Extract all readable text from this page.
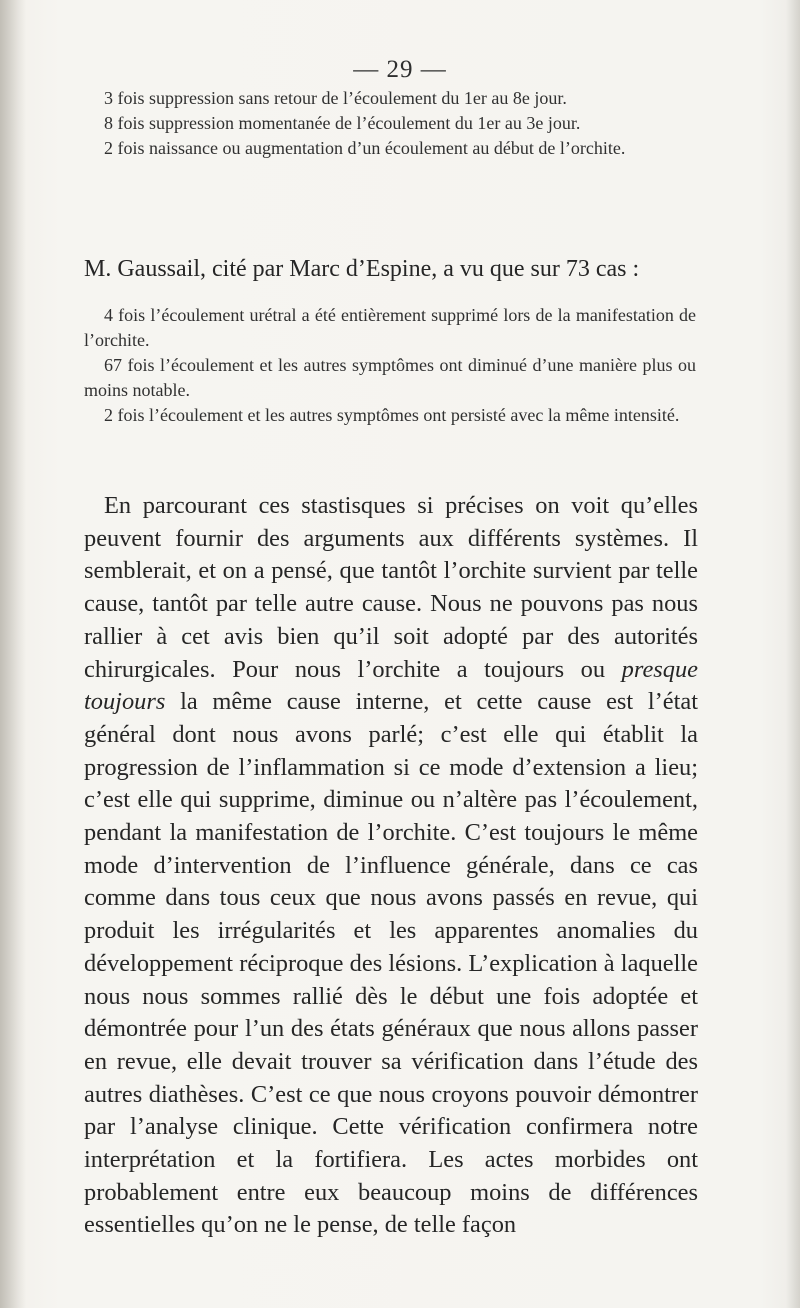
— 29 —

3 fois suppression sans retour de l’écoulement du 1er au 8e jour.

8 fois suppression momentanée de l’écoulement du 1er au 3e jour.

2 fois naissance ou augmentation d’un écoulement au début de l’orchite.

M. Gaussail, cité par Marc d’Espine, a vu que sur 73 cas :

4 fois l’écoulement urétral a été entièrement supprimé lors de la manifestation de l’orchite.

67 fois l’écoulement et les autres symptômes ont diminué d’une manière plus ou moins notable.

2 fois l’écoulement et les autres symptômes ont persisté avec la même intensité.

En parcourant ces stastisques si précises on voit qu’elles peuvent fournir des arguments aux différents systèmes. Il semblerait, et on a pensé, que tantôt l’orchite survient par telle cause, tantôt par telle autre cause. Nous ne pouvons pas nous rallier à cet avis bien qu’il soit adopté par des autorités chirurgicales. Pour nous l’orchite a toujours ou presque toujours la même cause interne, et cette cause est l’état général dont nous avons parlé; c’est elle qui établit la progression de l’inflammation si ce mode d’extension a lieu; c’est elle qui supprime, diminue ou n’altère pas l’écoulement, pendant la manifestation de l’orchite. C’est toujours le même mode d’intervention de l’influence générale, dans ce cas comme dans tous ceux que nous avons passés en revue, qui produit les irrégularités et les apparentes anomalies du développement réciproque des lésions. L’explication à laquelle nous nous sommes rallié dès le début une fois adoptée et démontrée pour l’un des états généraux que nous allons passer en revue, elle devait trouver sa vérification dans l’étude des autres diathèses. C’est ce que nous croyons pouvoir démontrer par l’analyse clinique. Cette vérification confirmera notre interprétation et la fortifiera. Les actes morbides ont probablement entre eux beaucoup moins de différences essentielles qu’on ne le pense, de telle façon
